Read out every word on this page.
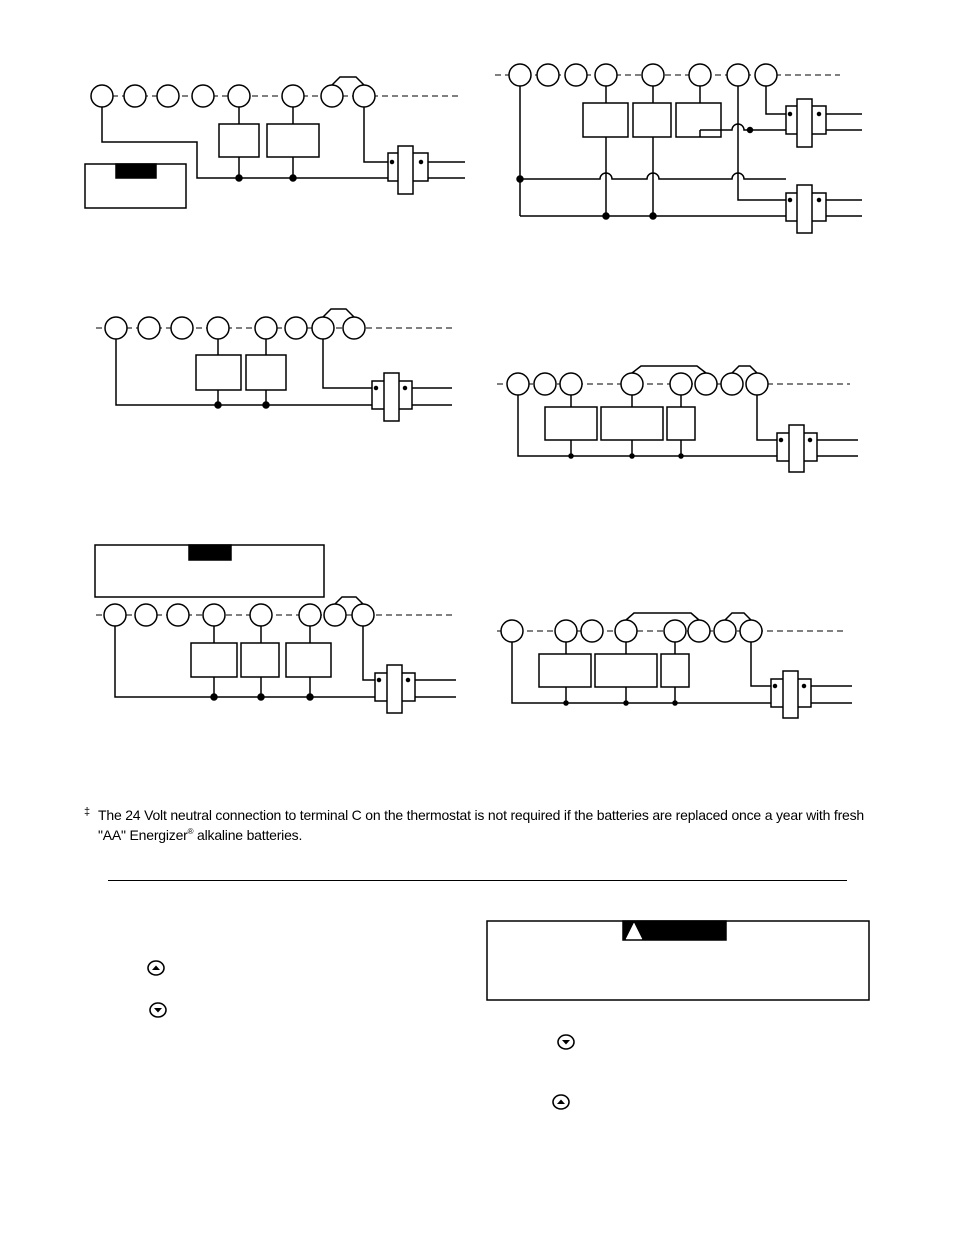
‡ The 24 Volt neutral connection to terminal C on the thermostat is not required if the batteries are replaced once a year with fresh "AA" Energizer® alkaline batteries.
